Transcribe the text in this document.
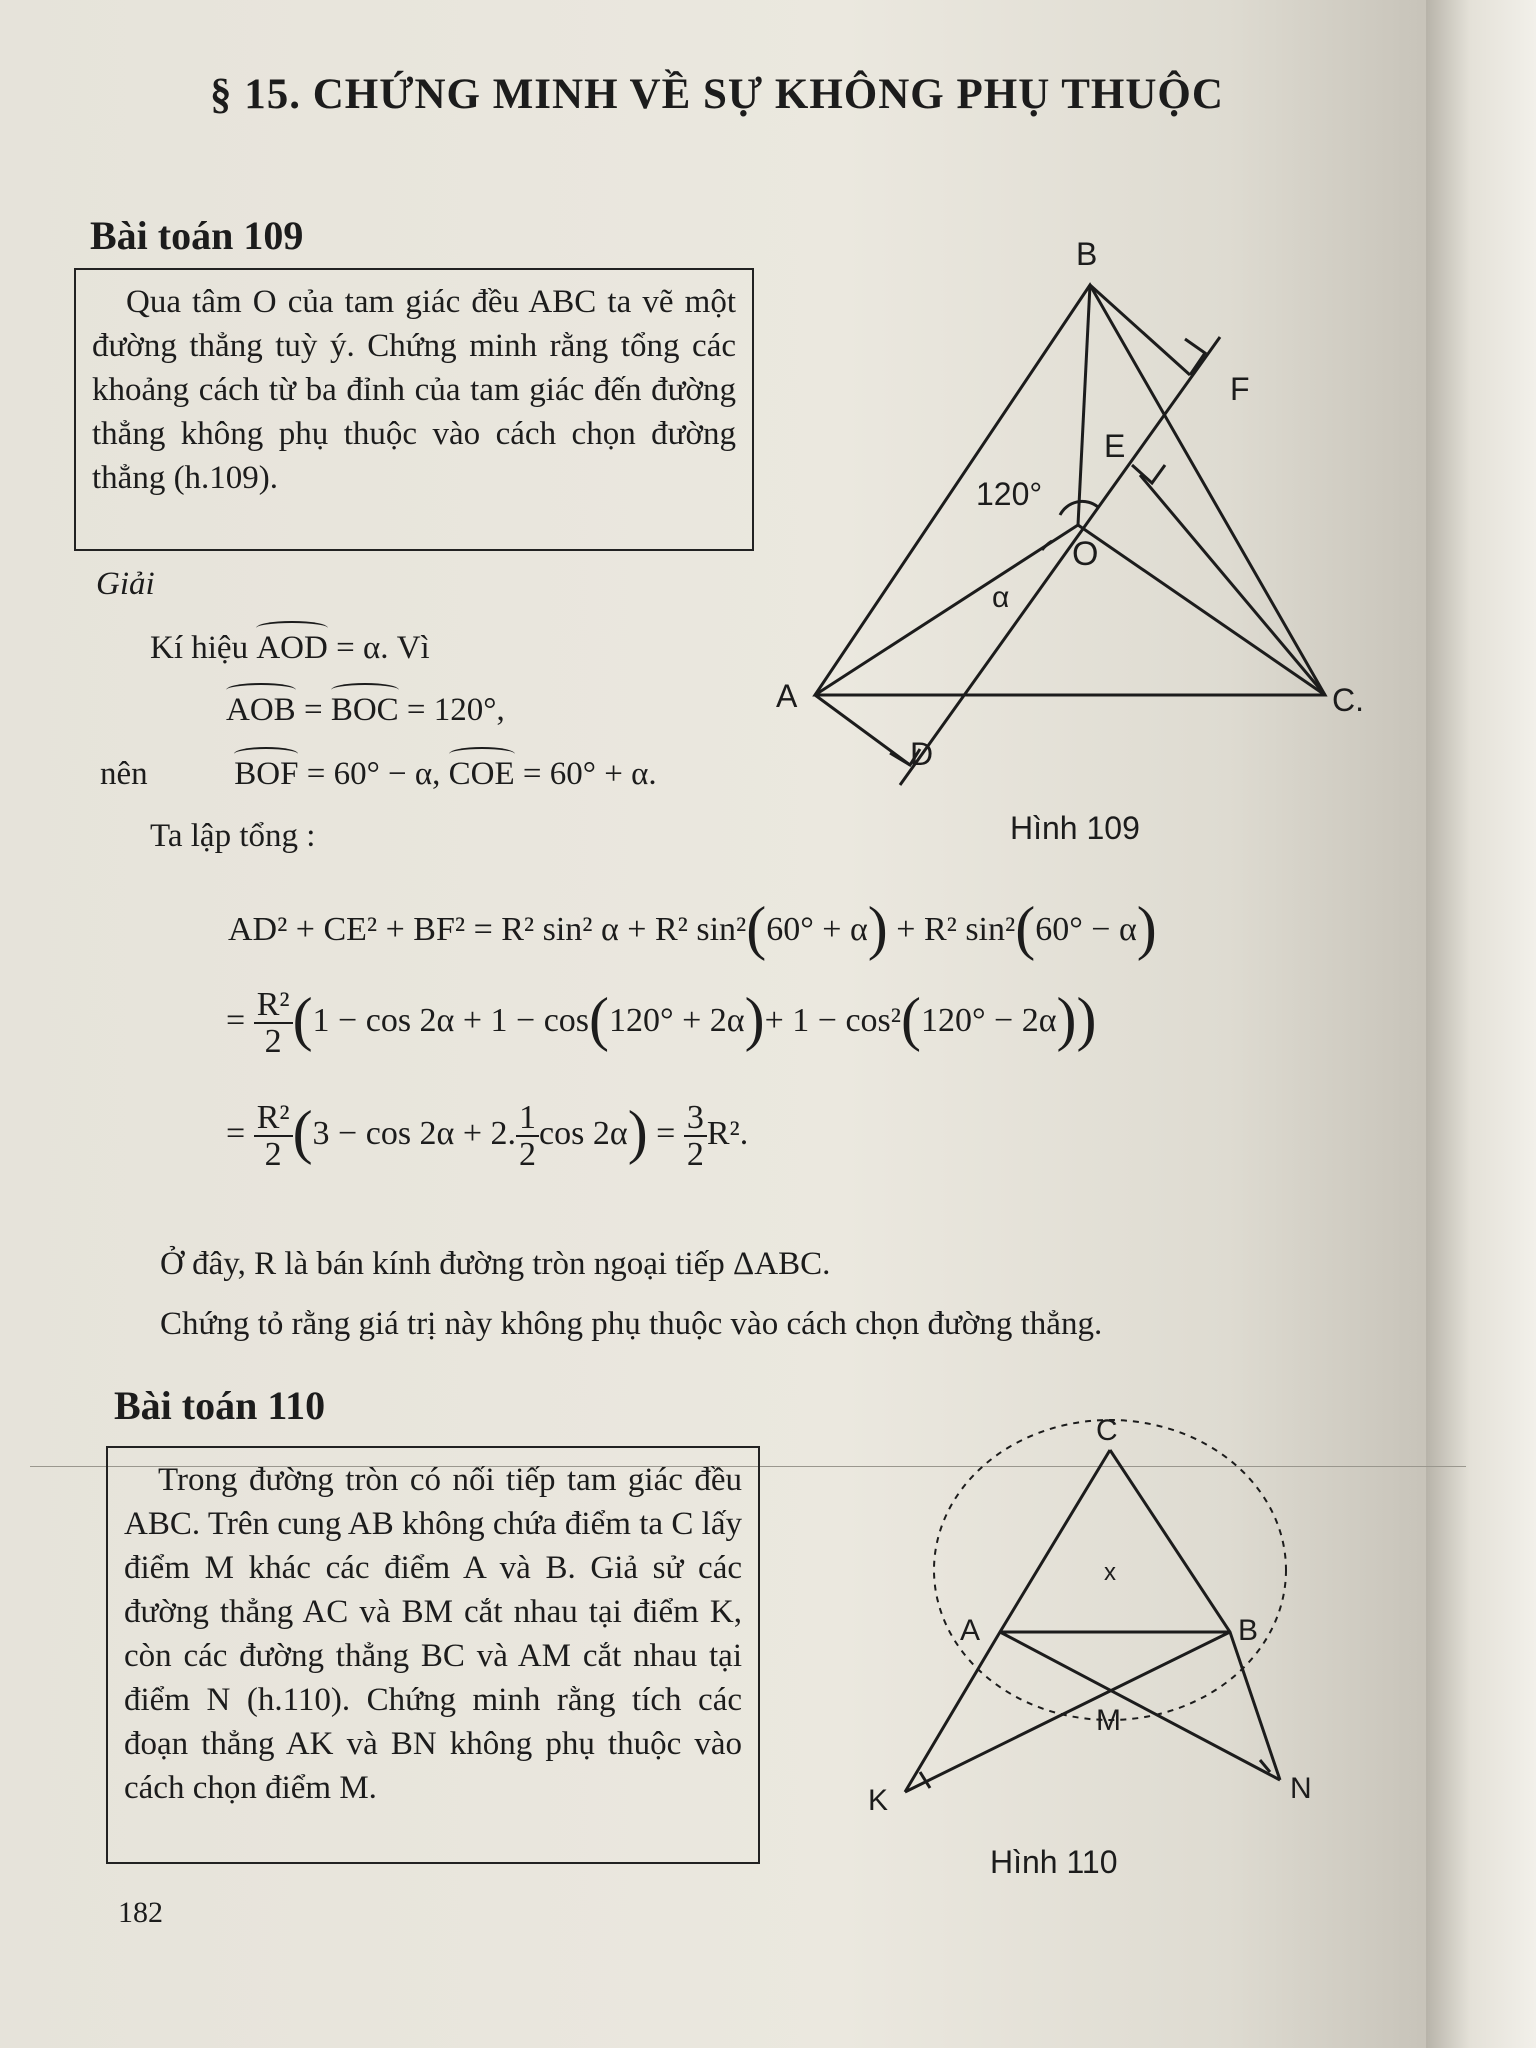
§ 15. CHỨNG MINH VỀ SỰ KHÔNG PHỤ THUỘC
Bài toán 109

Qua tâm O của tam giác đều ABC ta vẽ một đường thẳng tuỳ ý. Chứng minh rằng tổng các khoảng cách từ ba đỉnh của tam giác đến đường thẳng không phụ thuộc vào cách chọn đường thẳng (h.109).

Giải
Kí hiệu AOD = α. Vì
AOB = BOC = 120°,
nên	BOF = 60° − α, COE = 60° + α.
Ta lập tổng :
AD² + CE² + BF² = R² sin² α + R² sin²(60° + α) + R² sin²(60° − α)
= $\frac{\text{R²}}{2} (1 - \cos 2\alpha + 1 - \cos(120^\circ + 2\alpha)+ 1 - \cos^2(120^\circ - 2\alpha))$
= $\frac{\text{R²}}{2} (3 - \cos 2\alpha + 2$. $\frac{1}{2}$ $\cos 2\alpha) = \frac{3}{2} R^2$.
Ở đây, R là bán kính đường tròn ngoại tiếp ΔABC.
Chứng tỏ rằng giá trị này không phụ thuộc vào cách chọn đường thẳng.
B
F
E
120°
O
α
A	C.
D
Hình 109
Bài toán 110

Trong đường tròn có nối tiếp tam giác đều ABC. Trên cung AB không chứa điểm ta C lấy điểm M khác các điểm A và B. Giả sử các đường thẳng AC và BM cắt nhau tại điểm K, còn các đường thẳng BC và AM cắt nhau tại điểm N (h.110). Chứng minh rằng tích các đoạn thẳng AK và BN không phụ thuộc vào cách chọn điểm M.

C
x
A	B
M
K	N
Hình 110
182
